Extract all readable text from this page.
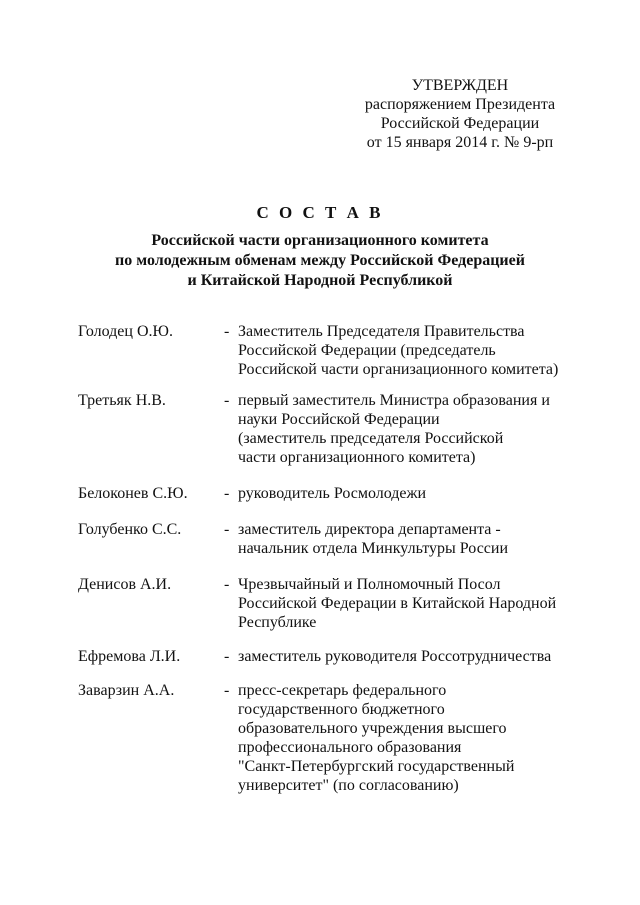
УТВЕРЖДЕН
распоряжением Президента
Российской Федерации
от 15 января 2014 г. № 9-рп
С О С Т А В
Российской части организационного комитета
по молодежным обменам между Российской Федерацией
и Китайской Народной Республикой
Голодец О.Ю.	- Заместитель Председателя Правительства
Российской Федерации (председатель
Российской части организационного комитета)
Третьяк Н.В.	- первый заместитель Министра образования и
науки Российской Федерации
(заместитель председателя Российской
части организационного комитета)
Белоконев С.Ю.	- руководитель Росмолодежи
Голубенко С.С.	- заместитель директора департамента -
начальник отдела Минкультуры России
Денисов А.И.	- Чрезвычайный и Полномочный Посол
Российской Федерации в Китайской Народной
Республике
Ефремова Л.И.	- заместитель руководителя Россотрудничества
Заварзин А.А.	- пресс-секретарь федерального
государственного бюджетного
образовательного учреждения высшего
профессионального образования
"Санкт-Петербургский государственный
университет" (по согласованию)
